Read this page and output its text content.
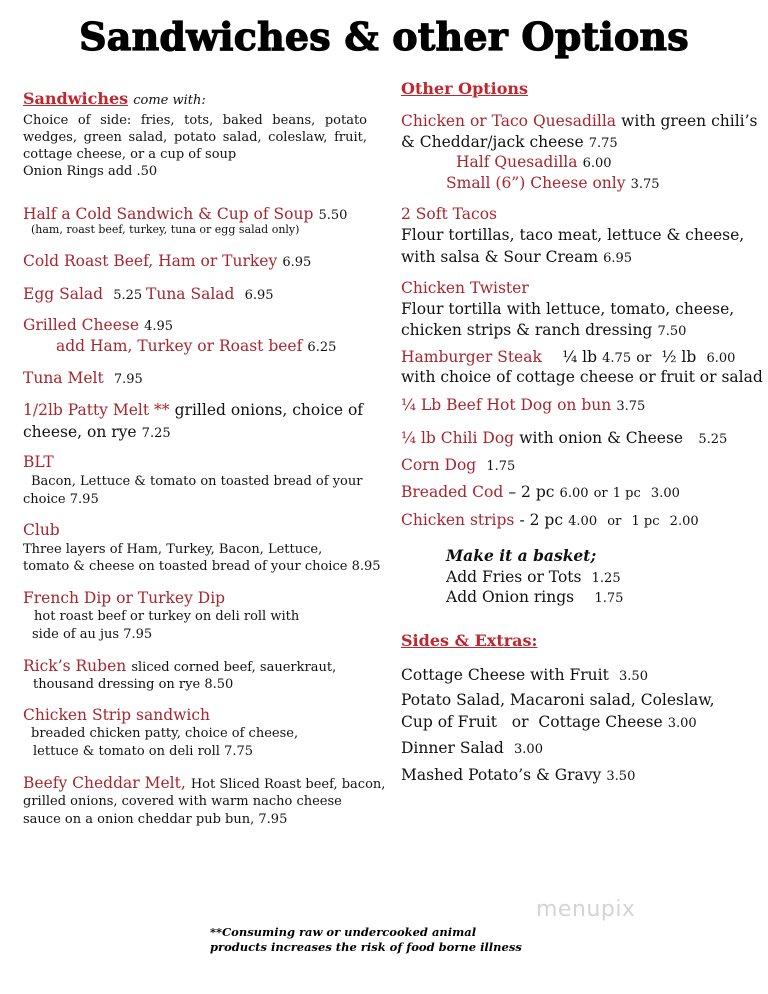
Sandwiches & other Options
Sandwiches come with:
Choice of side: fries, tots, baked beans, potato wedges, green salad, potato salad, coleslaw, fruit, cottage cheese, or a cup of soup
Onion Rings add .50
Half a Cold Sandwich & Cup of Soup 5.50
(ham, roast beef, turkey, tuna or egg salad only)
Cold Roast Beef, Ham or Turkey 6.95
Egg Salad 5.25 Tuna Salad 6.95
Grilled Cheese 4.95
add Ham, Turkey or Roast beef 6.25
Tuna Melt 7.95
1/2lb Patty Melt ** grilled onions, choice of
cheese, on rye 7.25
BLT
Bacon, Lettuce & tomato on toasted bread of your
choice 7.95
Club
Three layers of Ham, Turkey, Bacon, Lettuce,
tomato & cheese on toasted bread of your choice 8.95
French Dip or Turkey Dip
hot roast beef or turkey on deli roll with
side of au jus 7.95
Rick’s Ruben sliced corned beef, sauerkraut,
thousand dressing on rye 8.50
Chicken Strip sandwich
breaded chicken patty, choice of cheese,
lettuce & tomato on deli roll 7.75
Beefy Cheddar Melt, Hot Sliced Roast beef, bacon,
grilled onions, covered with warm nacho cheese
sauce on a onion cheddar pub bun, 7.95
Other Options
Chicken or Taco Quesadilla with green chili’s
& Cheddar/jack cheese 7.75
Half Quesadilla 6.00
Small (6”) Cheese only 3.75
2 Soft Tacos
Flour tortillas, taco meat, lettuce & cheese,
with salsa & Sour Cream 6.95
Chicken Twister
Flour tortilla with lettuce, tomato, cheese,
chicken strips & ranch dressing 7.50
Hamburger Steak ¼ lb 4.75 or ½ lb 6.00
with choice of cottage cheese or fruit or salad
¼ Lb Beef Hot Dog on bun 3.75
¼ lb Chili Dog with onion & Cheese 5.25
Corn Dog 1.75
Breaded Cod – 2 pc 6.00 or 1 pc 3.00
Chicken strips - 2 pc 4.00 or 1 pc 2.00
Make it a basket;
Add Fries or Tots 1.25
Add Onion rings 1.75
Sides & Extras:
Cottage Cheese with Fruit 3.50
Potato Salad, Macaroni salad, Coleslaw,
Cup of Fruit   or  Cottage Cheese 3.00
Dinner Salad 3.00
Mashed Potato’s & Gravy 3.50
menupix
**Consuming raw or undercooked animal
products increases the risk of food borne illness
